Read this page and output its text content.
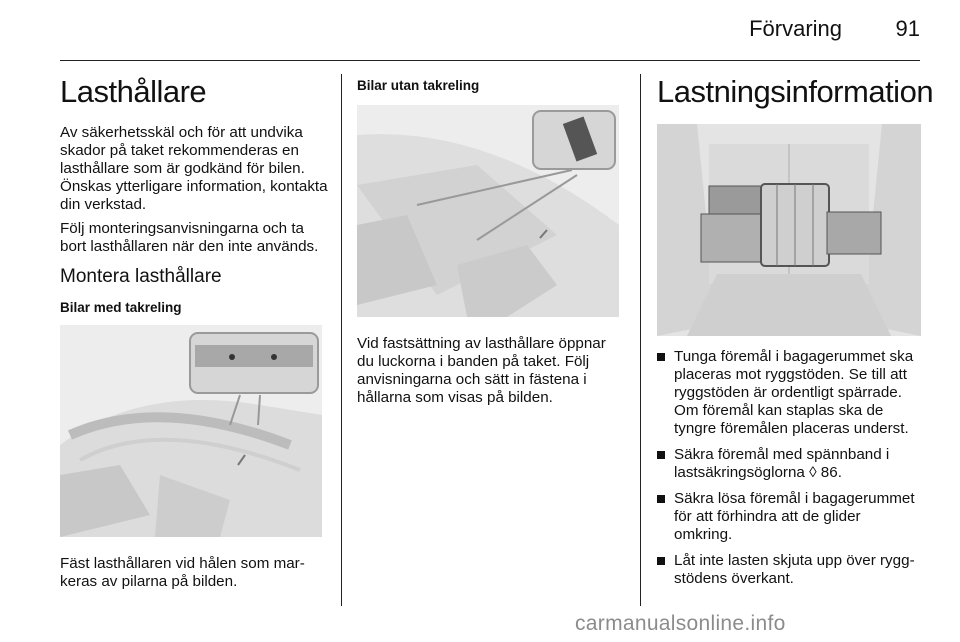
Förvaring 91
Lasthållare

Av säkerhetsskäl och för att undvika skador på taket rekommenderas en lasthållare som är godkänd för bilen. Önskas ytterligare information, kontakta din verkstad.

Följ monteringsanvisningarna och ta bort lasthållaren när den inte används.

Montera lasthållare
Bilar med takreling

Fäst lasthållaren vid hålen som markeras av pilarna på bilden.

Bilar utan takreling

Vid fastsättning av lasthållare öppnar du luckorna i banden på taket. Följ anvisningarna och sätt in fästena i hållarna som visas på bilden.

Lastningsinformation
Tunga föremål i bagagerummet ska placeras mot ryggstöden. Se till att ryggstöden är ordentligt spärrade. Om föremål kan staplas ska de tyngre föremålen placeras underst.
Säkra föremål med spännband i lastsäkringsöglorna ◊ 86.
Säkra lösa föremål i bagagerummet för att förhindra att de glider omkring.
Låt inte lasten skjuta upp över ryggstödens överkant.
carmanualsonline.info
